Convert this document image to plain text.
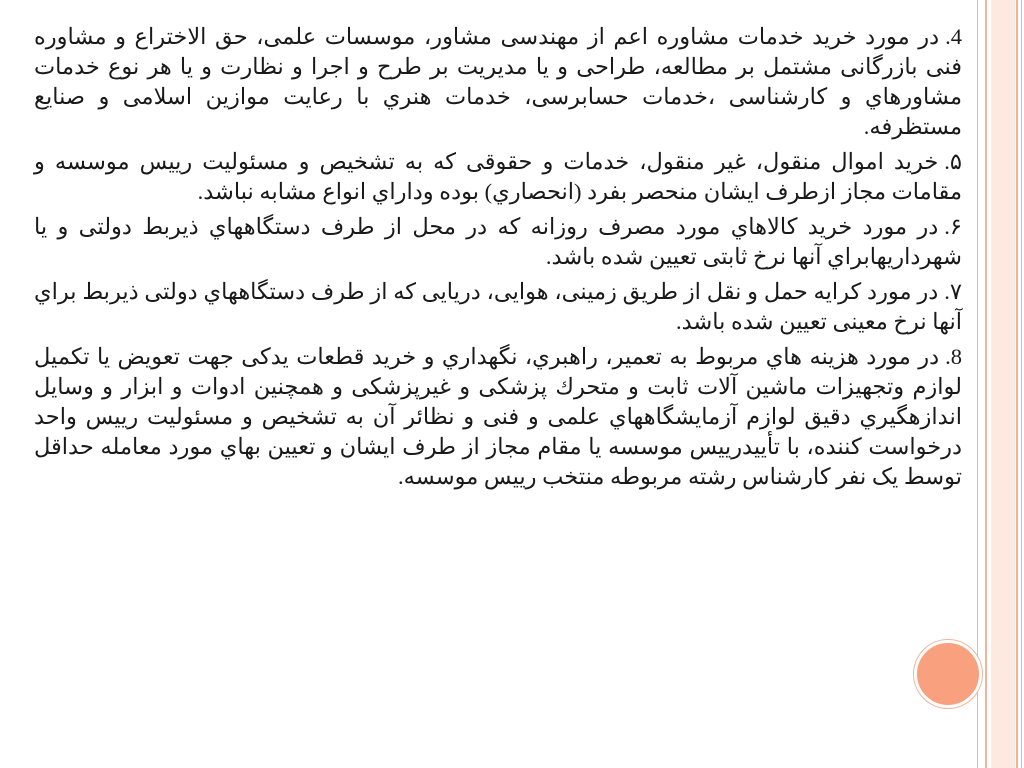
4.در مورد خرید خدمات مشاوره اعم از مهندسی مشاور، موسسات علمی، حق الاختراع و مشاوره فنی بازرگانی مشتمل بر مطالعه، طراحی و یا مدیریت بر طرح و اجرا و نظارت و یا هر نوع خدمات مشاورهاي و كارشناسی ،خدمات حسابرسی، خدمات هنري با رعايت موازين اسلامی و صنايع مستظرفه.

۵.خريد اموال منقول، غير منقول، خدمات و حقوقی كه به تشخيص و مسئوليت رييس موسسه و مقامات مجاز ازطرف ايشان منحصر بفرد (انحصاري) بوده وداراي انواع مشابه نباشد.

۶.در مورد خريد كالاهاي مورد مصرف روزانه كه در محل از طرف دستگاههاي ذيربط دولتی و يا شهرداريهابراي آنها نرخ ثابتی تعيين شده باشد.

۷.در مورد كرايه حمل و نقل از طريق زمينی، هوايی، دريايی كه از طرف دستگاههاي دولتی ذيربط براي آنها نرخ معينی تعيين شده باشد.

8.در مورد هزينه هاي مربوط به تعمير، راهبري، نگهداري و خريد قطعات يدكی جهت تعويض يا تكميل لوازم وتجهيزات ماشين آلات ثابت و متحرك پزشكی و غيرپزشكی و همچنين ادوات و ابزار و وسايل اندازهگيري دقيق لوازم آزمايشگاههاي علمی و فنی و نظائر آن به تشخيص و مسئوليت رييس واحد درخواست كننده، با تأييدرييس موسسه يا مقام مجاز از طرف ايشان و تعيين بهاي مورد معامله حداقل توسط يک نفر كارشناس رشته مربوطه منتخب رييس موسسه.
